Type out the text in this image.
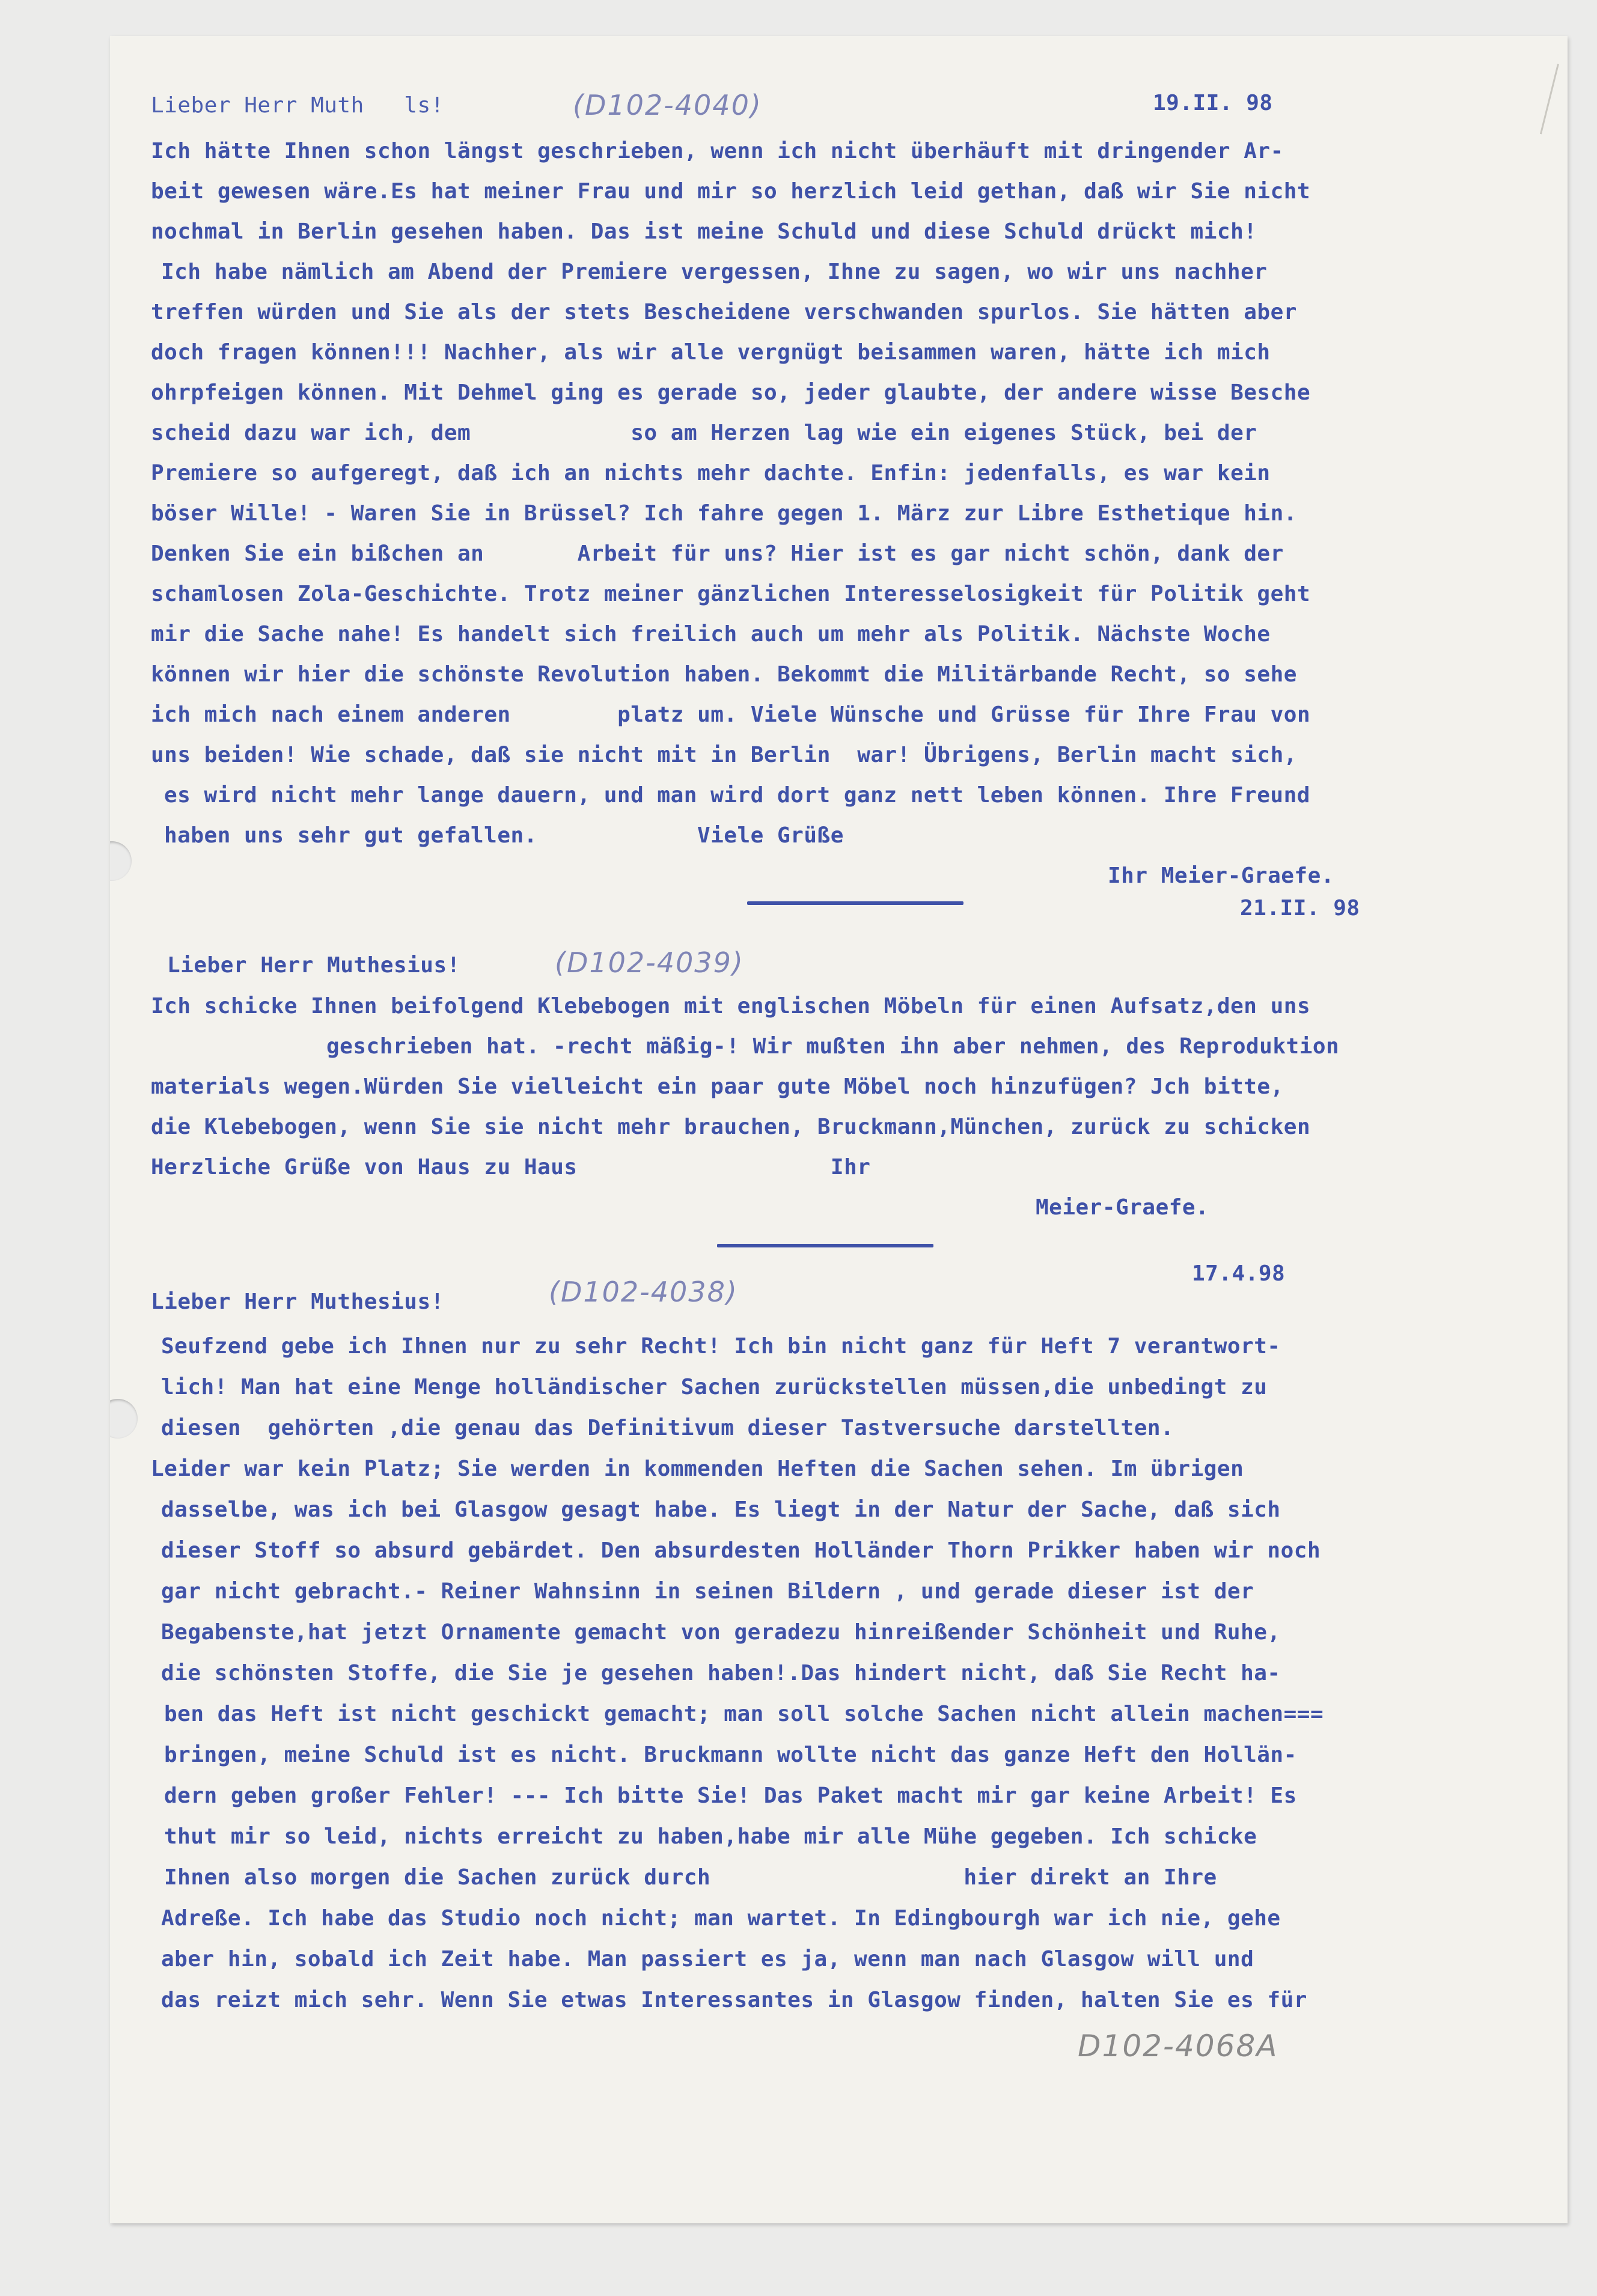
Lieber Herr Muth   ls!	(D102-4040)	19.II. 98

Ich hätte Ihnen schon längst geschrieben, wenn ich nicht überhäuft mit dringender Ar-

beit gewesen wäre.Es hat meiner Frau und mir so herzlich leid gethan, daß wir Sie nicht

nochmal in Berlin gesehen haben. Das ist meine Schuld und diese Schuld drückt mich!

Ich habe nämlich am Abend der Premiere vergessen, Ihne zu sagen, wo wir uns nachher

treffen würden und Sie als der stets Bescheidene verschwanden spurlos. Sie hätten aber

doch fragen können!!! Nachher, als wir alle vergnügt beisammen waren, hätte ich mich

ohrpfeigen können. Mit Dehmel ging es gerade so, jeder glaubte, der andere wisse Besche

scheid dazu war ich, dem            so am Herzen lag wie ein eigenes Stück, bei der

Premiere so aufgeregt, daß ich an nichts mehr dachte. Enfin: jedenfalls, es war kein

böser Wille! - Waren Sie in Brüssel? Ich fahre gegen 1. März zur Libre Esthetique hin.

Denken Sie ein bißchen an       Arbeit für uns? Hier ist es gar nicht schön, dank der

schamlosen Zola-Geschichte. Trotz meiner gänzlichen Interesselosigkeit für Politik geht

mir die Sache nahe! Es handelt sich freilich auch um mehr als Politik. Nächste Woche

können wir hier die schönste Revolution haben. Bekommt die Militärbande Recht, so sehe

ich mich nach einem anderen        platz um. Viele Wünsche und Grüsse für Ihre Frau von

uns beiden! Wie schade, daß sie nicht mit in Berlin  war! Übrigens, Berlin macht sich,

es wird nicht mehr lange dauern, und man wird dort ganz nett leben können. Ihre Freund

haben uns sehr gut gefallen.            Viele Grüße

Ihr Meier-Graefe.

21.II. 98

Lieber Herr Muthesius!	(D102-4039)

Ich schicke Ihnen beifolgend Klebebogen mit englischen Möbeln für einen Aufsatz,den uns

geschrieben hat. -recht mäßig-! Wir mußten ihn aber nehmen, des Reproduktion

materials wegen.Würden Sie vielleicht ein paar gute Möbel noch hinzufügen? Jch bitte,

die Klebebogen, wenn Sie sie nicht mehr brauchen, Bruckmann,München, zurück zu schicken

Herzliche Grüße von Haus zu Haus                   Ihr

Meier-Graefe.

17.4.98

Lieber Herr Muthesius!	(D102-4038)

Seufzend gebe ich Ihnen nur zu sehr Recht! Ich bin nicht ganz für Heft 7 verantwort-

lich! Man hat eine Menge holländischer Sachen zurückstellen müssen,die unbedingt zu

diesen  gehörten ,die genau das Definitivum dieser Tastversuche darstellten.

Leider war kein Platz; Sie werden in kommenden Heften die Sachen sehen. Im übrigen

dasselbe, was ich bei Glasgow gesagt habe. Es liegt in der Natur der Sache, daß sich

dieser Stoff so absurd gebärdet. Den absurdesten Holländer Thorn Prikker haben wir noch

gar nicht gebracht.- Reiner Wahnsinn in seinen Bildern , und gerade dieser ist der

Begabenste,hat jetzt Ornamente gemacht von geradezu hinreißender Schönheit und Ruhe,

die schönsten Stoffe, die Sie je gesehen haben!.Das hindert nicht, daß Sie Recht ha-

ben das Heft ist nicht geschickt gemacht; man soll solche Sachen nicht allein machen===

bringen, meine Schuld ist es nicht. Bruckmann wollte nicht das ganze Heft den Hollän-

dern geben großer Fehler! --- Ich bitte Sie! Das Paket macht mir gar keine Arbeit! Es

thut mir so leid, nichts erreicht zu haben,habe mir alle Mühe gegeben. Ich schicke

Ihnen also morgen die Sachen zurück durch                   hier direkt an Ihre

Adreße. Ich habe das Studio noch nicht; man wartet. In Edingbourgh war ich nie, gehe

aber hin, sobald ich Zeit habe. Man passiert es ja, wenn man nach Glasgow will und

das reizt mich sehr. Wenn Sie etwas Interessantes in Glasgow finden, halten Sie es für

D102-4068A
